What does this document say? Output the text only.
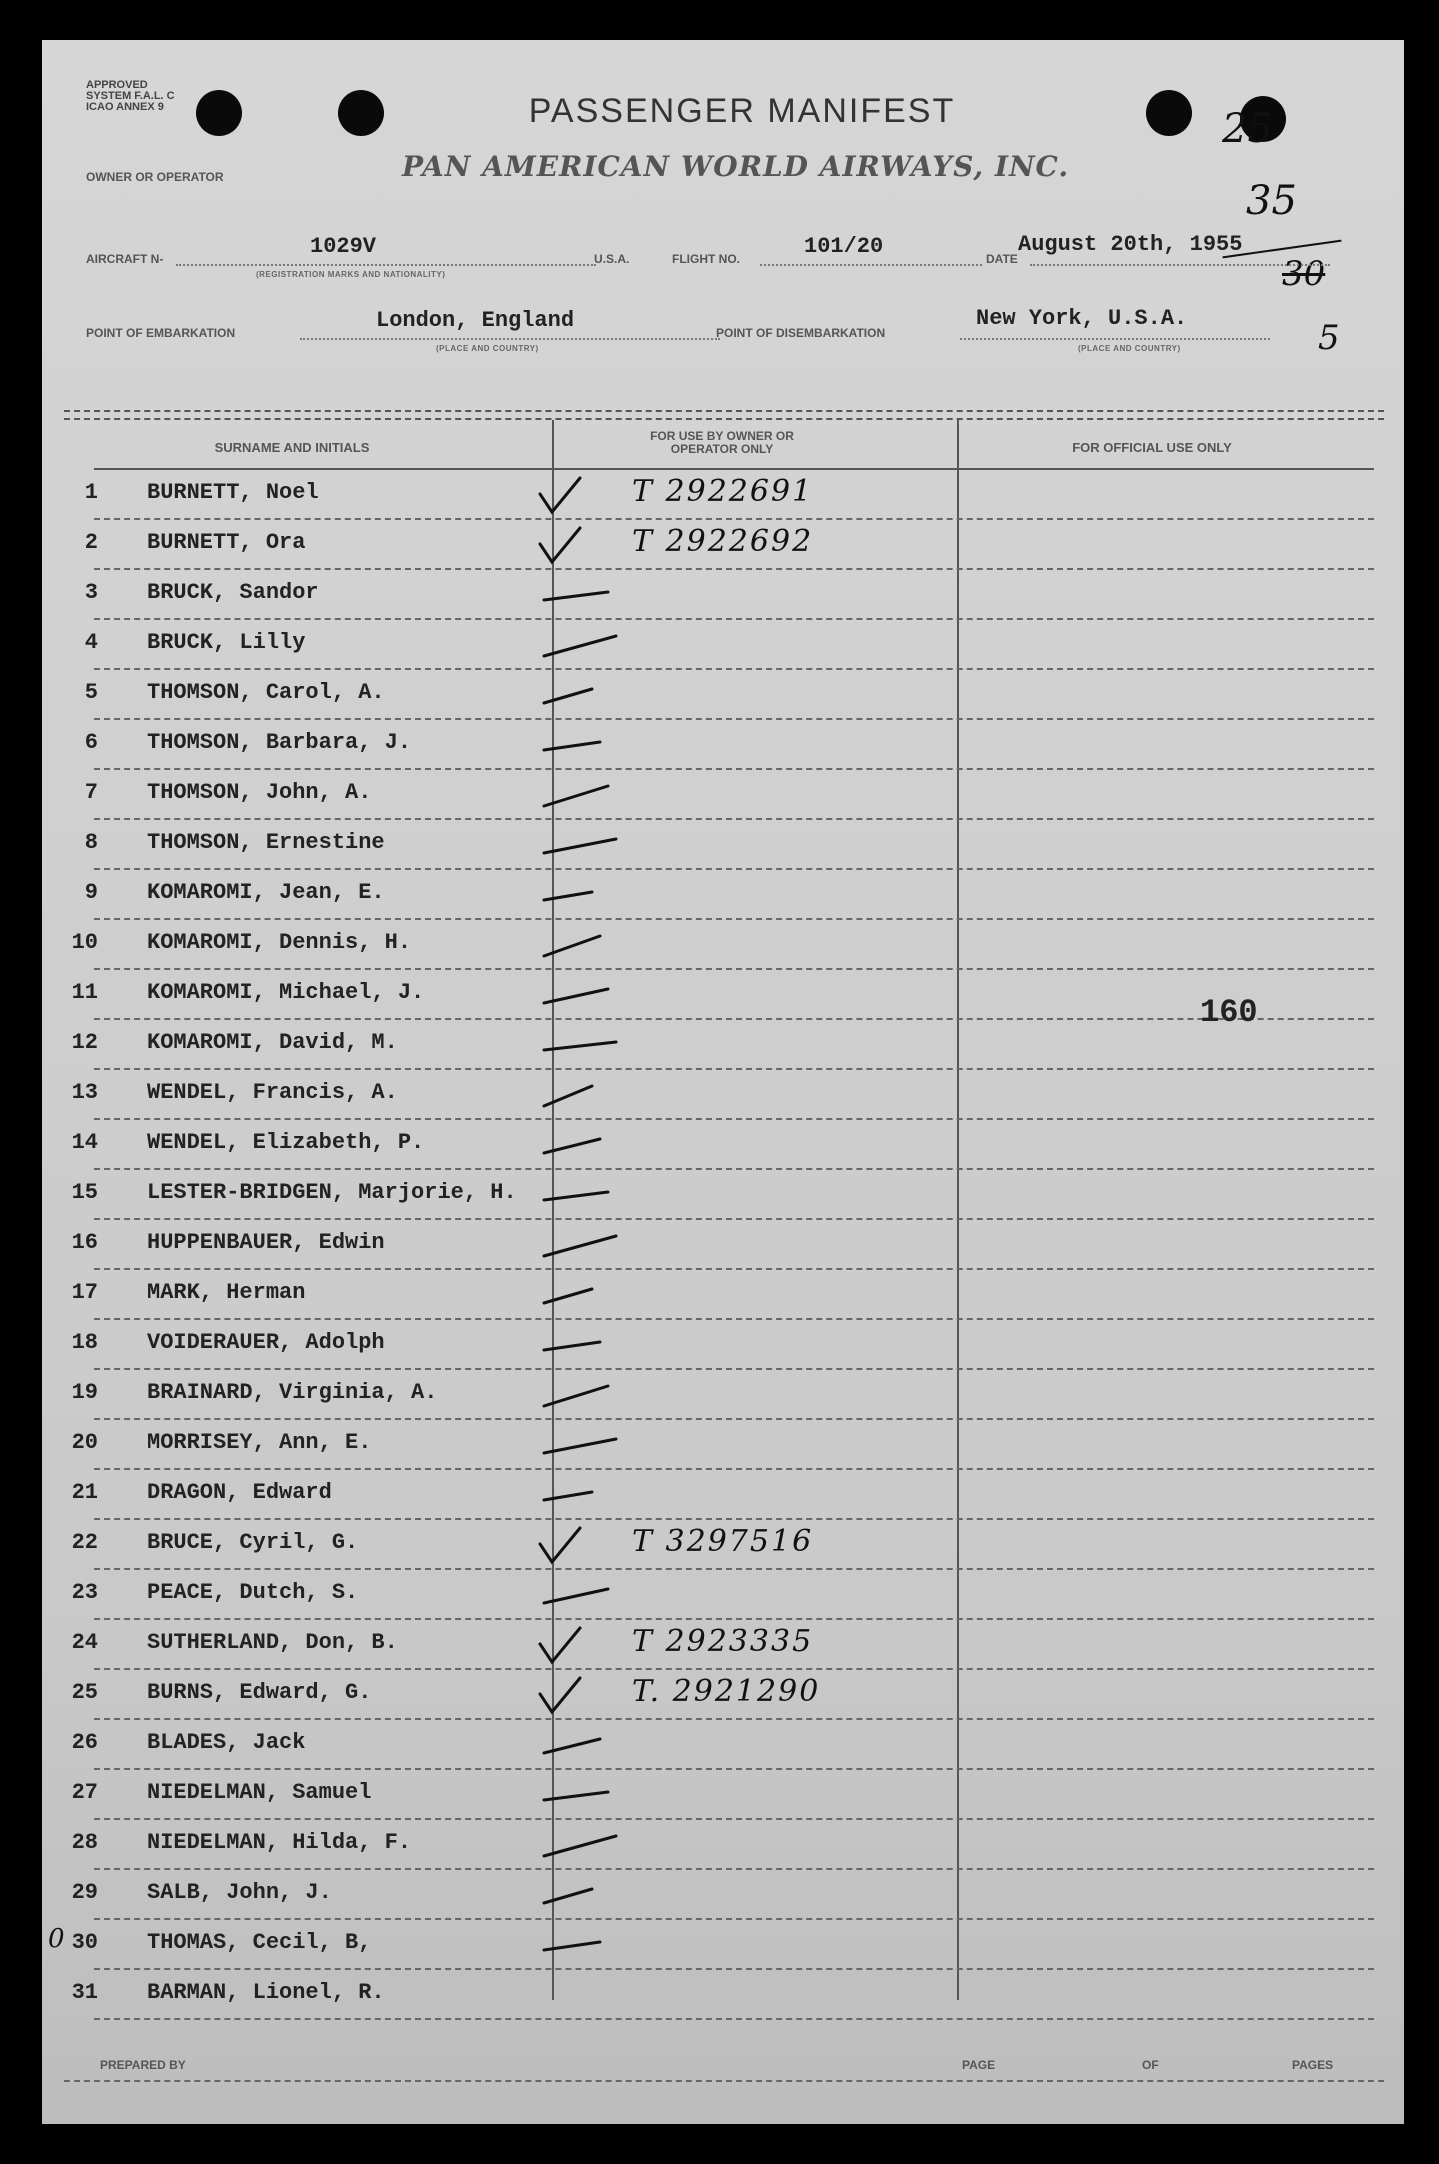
APPROVED
SYSTEM F.A.L. C
ICAO ANNEX 9	PASSENGER MANIFEST
OWNER OR OPERATOR	PAN AMERICAN WORLD AIRWAYS, INC.
25
35
30
5
AIRCRAFT N-	1029V
(REGISTRATION MARKS AND NATIONALITY)
U.S.A.	FLIGHT NO.	101/20	DATE
August 20th, 1955
POINT OF EMBARKATION	London, England
(PLACE AND COUNTRY)
POINT OF DISEMBARKATION
New York, U.S.A.
(PLACE AND COUNTRY)
SURNAME AND INITIALS
FOR USE BY OWNER OR OPERATOR ONLY	FOR OFFICIAL USE ONLY
1 BURNETT, Noel	T 2922691
2 BURNETT, Ora	T 2922692
3 BRUCK, Sandor
4 BRUCK, Lilly
5 THOMSON, Carol, A.
6 THOMSON, Barbara, J.
7 THOMSON, John, A.
8 THOMSON, Ernestine
9 KOMAROMI, Jean, E.
10 KOMAROMI, Dennis, H.
11 KOMAROMI, Michael, J.
12 KOMAROMI, David, M.
13 WENDEL, Francis, A.
14 WENDEL, Elizabeth, P.
15 LESTER-BRIDGEN, Marjorie, H.
16 HUPPENBAUER, Edwin
17 MARK, Herman
18 VOIDERAUER, Adolph
19 BRAINARD, Virginia, A.
20 MORRISEY, Ann, E.
21 DRAGON, Edward
22 BRUCE, Cyril, G.	T 3297516
23 PEACE, Dutch, S.
24 SUTHERLAND, Don, B.	T 2923335
25 BURNS, Edward, G.	T. 2921290
26 BLADES, Jack
27 NIEDELMAN, Samuel
28 NIEDELMAN, Hilda, F.
29 SALB, John, J.
30 THOMAS, Cecil, B,
31 BARMAN, Lionel, R.
0
160
PREPARED BY	PAGE	OF	PAGES
